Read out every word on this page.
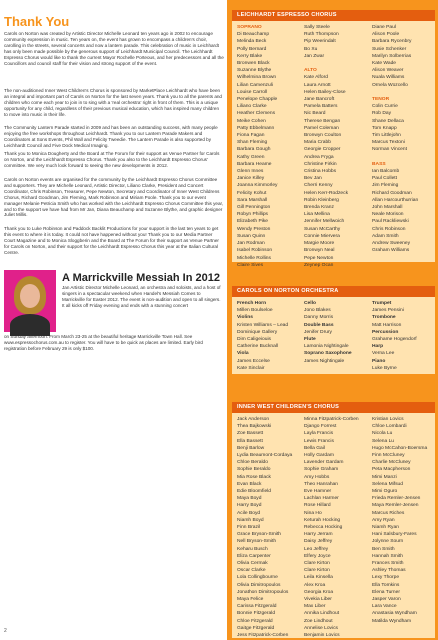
Thank You

Carols on Norton was created by Artistic Director Michelle Leonard ten years ago in 2002 to encourage community expression in music. Ten years on, the event has grown to encompass a children's choir, carolling in the streets, several concerts and now a lantern parade. This celebration of music in Leichhardt has only been made possible by the generous support of Leichhardt Municipal Council. The Leichhardt Espresso Chorus would like to thank the current Mayor Rochelle Porteous, and her predecessors and all the Councillors and council staff for their vision and strong support of the event.

The non-auditioned Inner West Children's Chorus is sponsored by MarketPlace Leichhardt who have been an integral and important part of Carols on Norton for the last seven years. Thank you to all the parents and children who come each year to join in to sing with a 'real orchestra' right in front of them. This is a unique opportunity for any child, regardless of their previous musical education, which has inspired many children to move into music in their life.

The Community Lantern Parade started in 2009 and has been an outstanding success, with many people enjoying the free workshops throughout Leichhardt. Thank you to our Lantern Parade Makers and Coordinators at Sons Events, Phil Wall and Felicity Tweedie. The Lantern Parade is also supported by Leichhardt Council and Five Dock Medical Imaging.

Thank you to Monica Dougherty and the Board at The Forum for their support as Venue Partner for Carols on Norton, and the Leichhardt Espresso Chorus. Thank you also to the Leichhardt Espresso Chorus' committee. We very much look forward to seeing the new developments in 2012.

Carols on Norton events are organised for the community by the Leichhardt Espresso Chorus Committee and supporters. They are Michelle Leonard, Artistic Director, Liliano Clarke, President and Concert Coordinator, Chris Robinson, Treasurer, Pepe Newton, Secretary and Coordinator of Inner West Childrens Chorus, Richard Goodman, Jim Fleming, Mark Robinson and Miriam Poole. Thank you to our event manager Melanie Petricia Smith who has worked with the Leichhardt Espresso Chorus Committee this year, and to the support we have had from Mr Jan, Diana Beauchamp and Suzanne Blythe, and graphic designer Juliet Millis.

Thank you to Luke Robinson and Paddock Backlit Productions for your support in the last ten years to get this event to where it is today. It could not have happened without you! Thank you to our Media Partner Court Magazine and to Monica Sloggberin and the Board at The Forum for their support as Venue Partner for Carols on Norton, and their support for the Leichhardt Espresso Chorus this year at the Italian Cultural Centre.

A Marrickville Messiah In 2012

Jan Artistic Director Michelle Leonard, an orchestra and soloists, and a host of singers in a spectacular weekend when Handel's Messiah Comes to Marrickville for Easter 2012. The event is non-audition and open to all singers. It all kicks off Friday evening and ends with a stunning concert

on Sunday afternoon. From March 23-25 at the beautiful heritage Marrickville Town Hall. See www.espressochorus.com.au to register. You will have to be quick as places are limited. Early bird registration before February 29 is only $100.

2
LEICHHARDT ESPRESSO CHORUS
SOPRANO
Di Beauchamp
Melinda Beck
Polly Bernard
Kerry Blake
Bronwen Black
Suzanne Blythe
Wilhelmina Brown
Lilian Camenzuli
Louise Carroll
Penelope Chapple
Liliano Clarke
Heather Clemens
Meike Cohen
Patty Ebbelmann
Fiona Fagan
Shan Fleming
Barbara Gough
Kathy Green
Barbara Heame
Glenn Innes
Janice Killey
Joanna Kimmorley
Felicity Kohut
Sara Marshall
Gill Pennington
Robyn Phillips
Elizabeth Pike
Wendy Preston
Susan Quinn
Jan Rodman
Isabel Robinson
Michelle Rollins
Claire Sives
Sally Steele
Ruth Thompson
Pip Weerindalt
Bo Xu
Jan Zwar

ALTO
Kate Alford
Laura Arnott
Helen Bailey-Close
Jane Bancroft
Pamela Batters
Nic Beard
Therese Bengan
Pamel Coleman
Bronwyn Coulton
Maria Crabb
Georgie Cropper
Andrea Fryga
Christine Firkin
Cristina Hobbs
Bev Jan
Cherri Kenny
Helen Kerr-Rodzeck
Robin Kleinberg
Brenda Kranz
Lisa Mellina
Jennifer Mellwoich
Susan McCarthy
Connie Miervera
Margie Moore
Bronwyn Neal
Pepe Newton
Zeynep Ocan
Diane Paul
Alison Poole
Barbara Rycenbry
Susie Schenker
Marilyn Solberrias
Kate Wade
Alison Weaver
Nuala Williams
Ornela Wozcello

TENOR
Colin Currie
Rob Day
Shane Dellaca
Tom Knapp
Tim Littlejohn
Marcus Textoni
Norman Vincent

BASS
Ian Balcomb
Paul Collett
Jim Fleming
Richard Goodman
Allan Harcourthurrian
John Marshall
Neale Morison
Paul Rackliewski
Chris Robinson
Adam Smith
Andrew Sweeney
Graham Williams
CAROLS ON NORTON ORCHESTRA
French Horn
Millen Boulseloe
Violins
Kristen Williams – Lead
Dominique Gallery
Dim Caligeiouis
Catherine Bucknall
Viola
James Eccelse
Kate Sinclair
Cello
Jono Blakes
Danny Morris
Double Bass
Jenifer Drury
Flute
Lamonia Nightingale
Soprano Saxophone
James Nightingale
Trumpet
James Pensini
Trombone
Matt Harrison
Percussion
Grahame Hogendorf
Harp
Verna Lee
Piano
Luke Byrne
INNER WEST CHILDREN'S CHORUS
Jack Anderson
Thea Bajkowski
Zoe Bassett
Ella Bassett
Benji Barlow
Lydia Beaumont-Cordaya
Chloe Beraldo
Sophie Beraldo
Mia Rose Black
Evan Black
Edie Bloomfield
Maya Boyd
Harry Boyd
Acile Boyd
Niamh Boyd
Finn Brazil
Grace Bryson-Smith
Nell Bryson-Smith
Keharu Busch
Eliza Carpenter
Olivia Cermak
Oscar Clarke
Lola Collingbourne
Olivia Dimitropoulos
Jonathon Dimitropoulos
Maya Felice
Carissa Fitzgerald
Bonnie Fitzgerald
Chloe Fitzgerald
Gaitge Fitzgerald
Jess Fitzpatrick-Corben
Minna Fitzpatrick-Corben
Django Forrest
Layla Francis
Lewis Francis
Bella Gail
Holly Gardam
Lavender Gardam
Sophie Graham
Amy Hobbs
Theo Hanrahan
Eve Hamner
Lachlan Harmer
Rose Hillard
Nina Ho
Keturah Hocking
Rebecca Hocking
Harry Jerram
Daisy Jeffrey
Leo Jeffrey
Elfery Joyce
Clare Kirton
Clare Kirton
Leila Kinsella
Alex Kroa
Georgia Kroa
Vivekia Liber
Max Liber
Annika Lindhout
Zoe Lindhout
Annelise Lovics
Benjamin Lovics
Kristian Lovics
Chloe Lombardi
Nicola Lu
Selena Lu
Hugo McCahon-Boersma
Finn McCluney
Charlie McCluney
Peta Macpherson
Mimi Manzi
Selena Mifsud
Mimi Oguro
Frieda Remler-Jensen
Maya Remler-Jensen
Marcus Riches
Amy Ryan
Niamh Ryan
Hani Salsbury-Fares
Jolynne Sourn
Ben Smith
Hannah Smith
Frances Smith
Ashley Thomas
Lexy Thorpe
Ella Tomkins
Elena Turner
Jasper Varon
Lara Vance
Anastasia Wyndham
Matilda Wyndham
